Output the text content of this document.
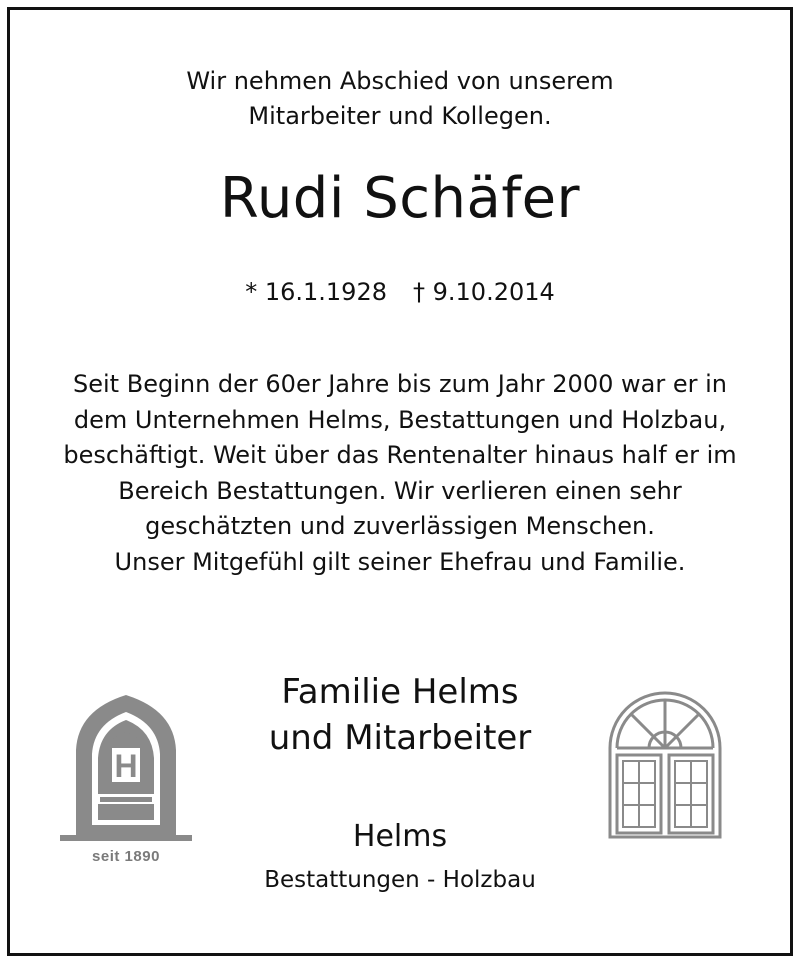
Wir nehmen Abschied von unserem
Mitarbeiter und Kollegen.
Rudi Schäfer
* 16.1.1928 † 9.10.2014
Seit Beginn der 60er Jahre bis zum Jahr 2000 war er in
dem Unternehmen Helms, Bestattungen und Holzbau,
beschäftigt. Weit über das Rentenalter hinaus half er im
Bereich Bestattungen. Wir verlieren einen sehr
geschätzten und zuverlässigen Menschen.
Unser Mitgefühl gilt seiner Ehefrau und Familie.
Familie Helms
und Mitarbeiter
Helms
Bestattungen - Holzbau
H
seit 1890
